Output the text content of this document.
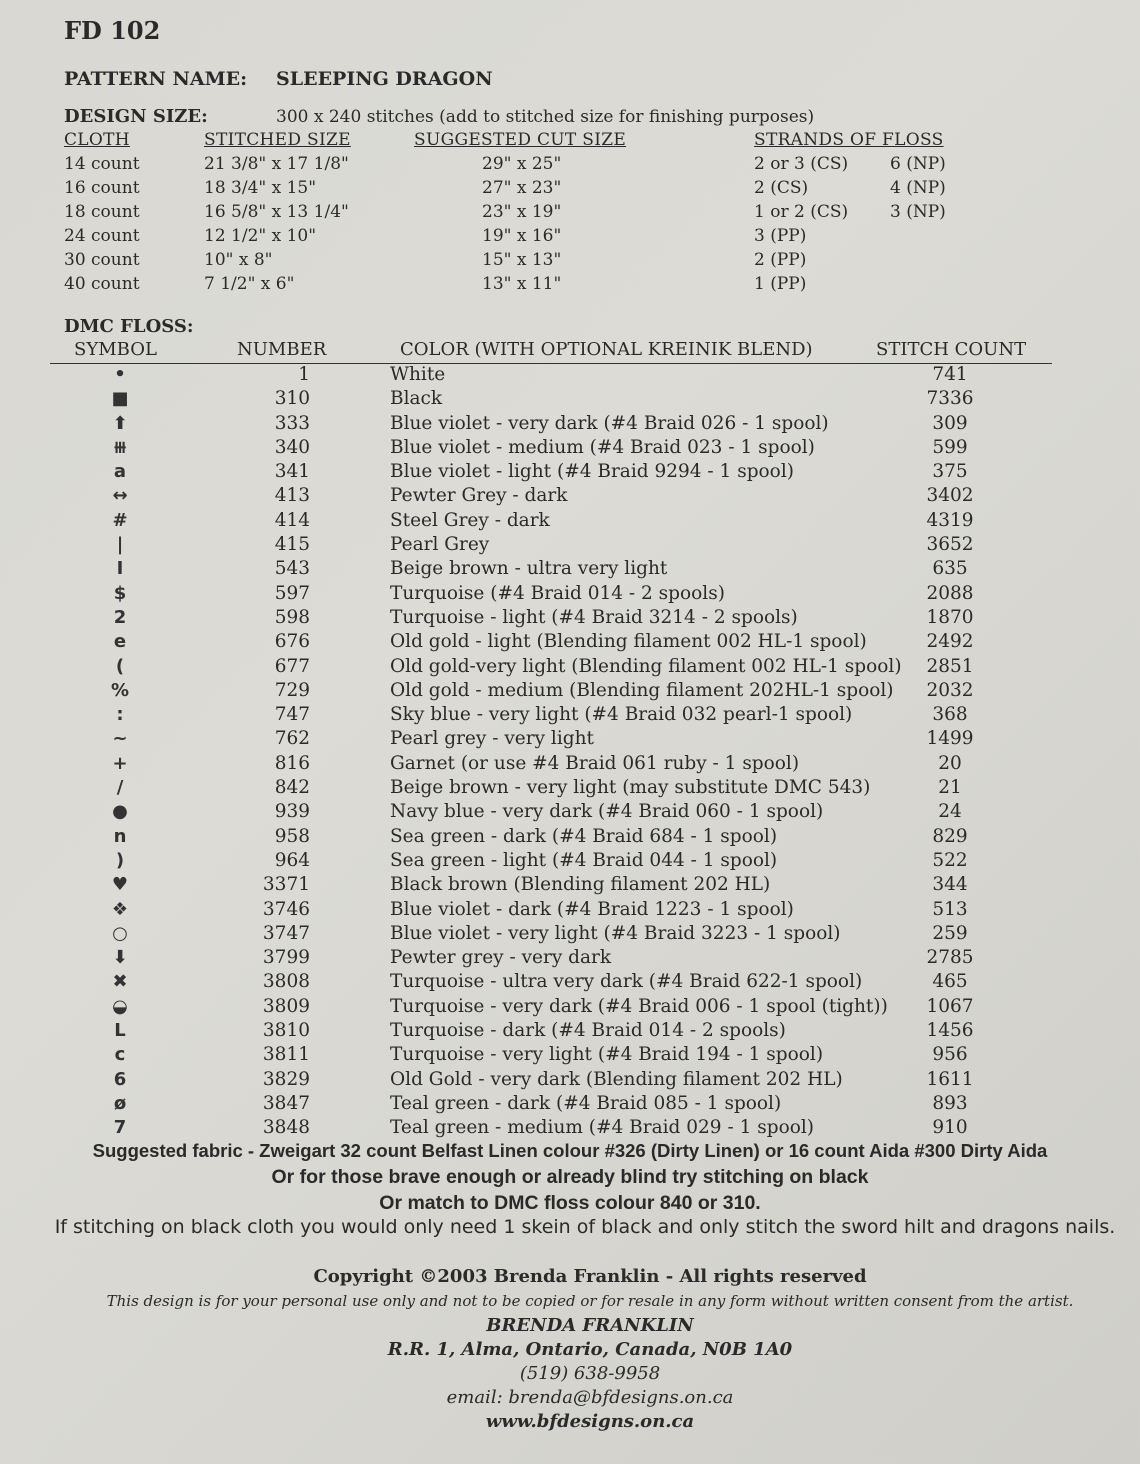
FD 102
PATTERN NAME: SLEEPING DRAGON
DESIGN SIZE:	300 x 240 stitches (add to stitched size for finishing purposes)
CLOTH	STITCHED SIZE	SUGGESTED CUT SIZE	STRANDS OF FLOSS
14 count	21 3/8" x 17 1/8"	29" x 25"	2 or 3 (CS) 6 (NP)
16 count	18 3/4" x 15"	27" x 23"	2 (CS)	4 (NP)
18 count	16 5/8" x 13 1/4"	23" x 19"	1 or 2 (CS) 3 (NP)
24 count	12 1/2" x 10"	19" x 16"	3 (PP)
30 count	10" x 8"	15" x 13"	2 (PP)
40 count	7 1/2" x 6"	13" x 11"	1 (PP)
DMC FLOSS:
SYMBOL	NUMBER	COLOR (WITH OPTIONAL KREINIK BLEND)	STITCH COUNT
•	1	White	741
■	310	Black	7336
⬆	333	Blue violet - very dark (#4 Braid 026 - 1 spool)	309
⧻	340	Blue violet - medium (#4 Braid 023 - 1 spool)	599
a	341	Blue violet - light (#4 Braid 9294 - 1 spool)	375
↔	413	Pewter Grey - dark	3402
#	414	Steel Grey - dark	4319
|	415	Pearl Grey	3652
I	543	Beige brown - ultra very light	635
$	597	Turquoise (#4 Braid 014 - 2 spools)	2088
2	598	Turquoise - light (#4 Braid 3214 - 2 spools)	1870
e	676	Old gold - light (Blending filament 002 HL-1 spool)	2492
(	677	Old gold-very light (Blending filament 002 HL-1 spool)	2851
%	729	Old gold - medium (Blending filament 202HL-1 spool)	2032
:	747	Sky blue - very light (#4 Braid 032 pearl-1 spool)	368
~	762	Pearl grey - very light	1499
+	816	Garnet (or use #4 Braid 061 ruby - 1 spool)	20
/	842	Beige brown - very light (may substitute DMC 543)	21
●	939	Navy blue - very dark (#4 Braid 060 - 1 spool)	24
n	958	Sea green - dark (#4 Braid 684 - 1 spool)	829
)	964	Sea green - light (#4 Braid 044 - 1 spool)	522
♥	3371	Black brown (Blending filament 202 HL)	344
❖	3746	Blue violet - dark (#4 Braid 1223 - 1 spool)	513
○	3747	Blue violet - very light (#4 Braid 3223 - 1 spool)	259
⬇	3799	Pewter grey - very dark	2785
✖	3808	Turquoise - ultra very dark (#4 Braid 622-1 spool)	465
◒	3809	Turquoise - very dark (#4 Braid 006 - 1 spool (tight))	1067
L	3810	Turquoise - dark (#4 Braid 014 - 2 spools)	1456
c	3811	Turquoise - very light (#4 Braid 194 - 1 spool)	956
6	3829	Old Gold - very dark (Blending filament 202 HL)	1611
ø	3847	Teal green - dark (#4 Braid 085 - 1 spool)	893
7	3848	Teal green - medium (#4 Braid 029 - 1 spool)	910
Suggested fabric - Zweigart 32 count Belfast Linen colour #326 (Dirty Linen) or 16 count Aida #300 Dirty Aida
Or for those brave enough or already blind try stitching on black
Or match to DMC floss colour 840 or 310.
If stitching on black cloth you would only need 1 skein of black and only stitch the sword hilt and dragons nails.
Copyright ©2003 Brenda Franklin - All rights reserved
This design is for your personal use only and not to be copied or for resale in any form without written consent from the artist.
BRENDA FRANKLIN
R.R. 1, Alma, Ontario, Canada, N0B 1A0
(519) 638-9958
email: brenda@bfdesigns.on.ca
www.bfdesigns.on.ca
